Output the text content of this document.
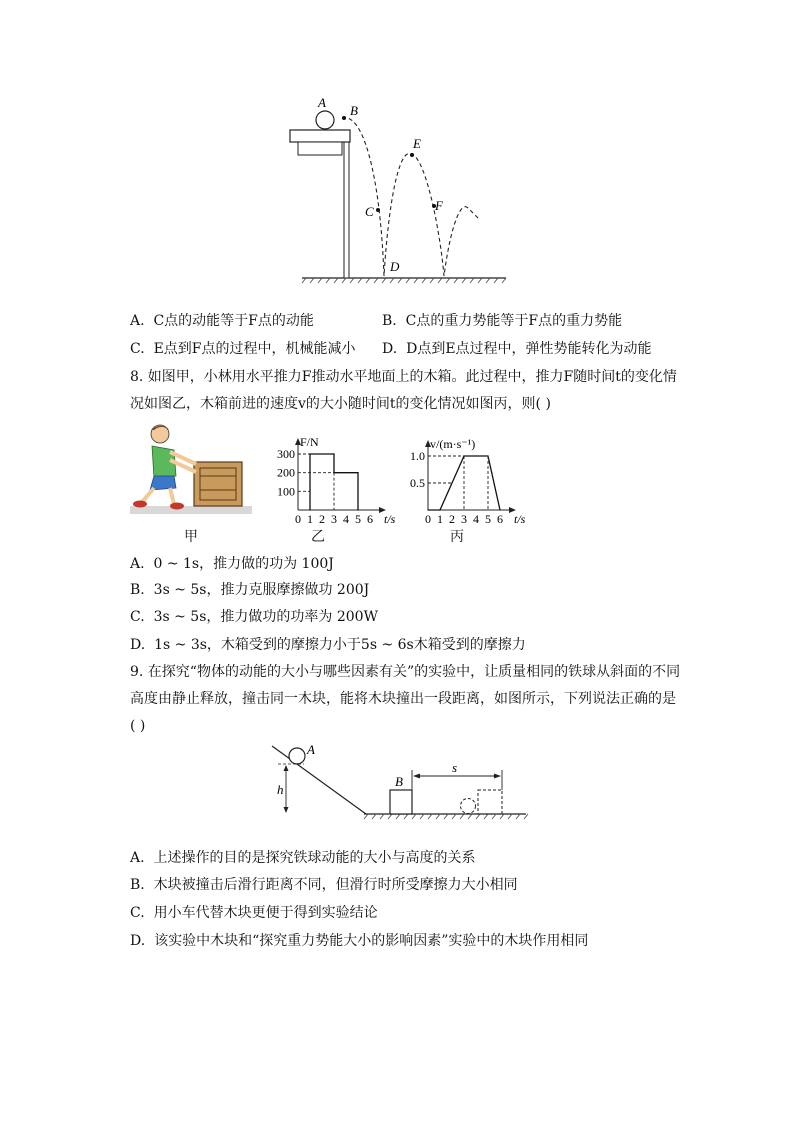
A
B
C
D
E
F
A. C点的动能等于F点的动能	B. C点的重力势能等于F点的重力势能
C. E点到F点的过程中，机械能减小 D. D点到E点过程中，弹性势能转化为动能
8. 如图甲，小林用水平推力F推动水平地面上的木箱。此过程中，推力F随时间t的变化情
况如图乙，木箱前进的速度v的大小随时间t的变化情况如图丙，则( )
0 1 2 3 4 5 6
100
200
300
t/s
F/N
0 1 2 3 4 5 6
0.5
1.0
t/s
v/(m·s⁻¹)
甲	乙	丙
A. 0 ~ 1s，推力做的功为 100J
B. 3s ~ 5s，推力克服摩擦做功 200J
C. 3s ~ 5s，推力做功的功率为 200W
D. 1s ~ 3s，木箱受到的摩擦力小于5s ~ 6s木箱受到的摩擦力
9. 在探究“物体的动能的大小与哪些因素有关”的实验中，让质量相同的铁球从斜面的不同
高度由静止释放，撞击同一木块，能将木块撞出一段距离，如图所示，下列说法正确的是
( )
A
B
h
s
A. 上述操作的目的是探究铁球动能的大小与高度的关系
B. 木块被撞击后滑行距离不同，但滑行时所受摩擦力大小相同
C. 用小车代替木块更便于得到实验结论
D. 该实验中木块和“探究重力势能大小的影响因素”实验中的木块作用相同
